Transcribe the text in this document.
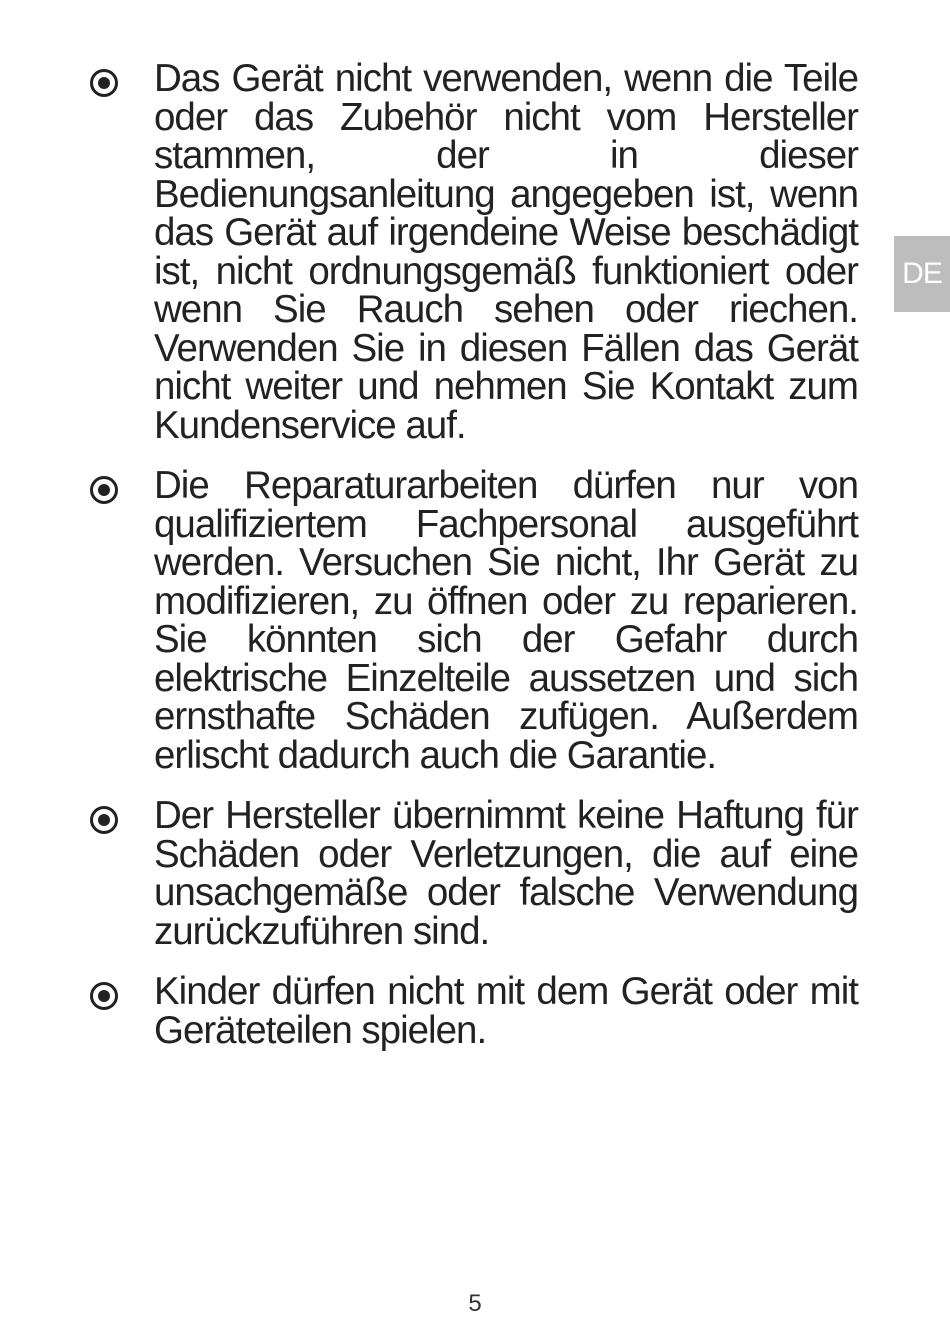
DE

Das Gerät nicht verwenden, wenn die Teile oder das Zubehör nicht vom Hersteller stammen, der in dieser Bedienungsanleitung angegeben ist, wenn das Gerät auf irgendeine Weise beschädigt ist, nicht ordnungsgemäß funktioniert oder wenn Sie Rauch sehen oder riechen. Verwenden Sie in diesen Fällen das Gerät nicht weiter und nehmen Sie Kontakt zum Kundenservice auf.

Die Reparaturarbeiten dürfen nur von qualifiziertem Fachpersonal ausgeführt werden. Versuchen Sie nicht, Ihr Gerät zu modifizieren, zu öffnen oder zu reparieren. Sie könnten sich der Gefahr durch elektrische Einzelteile aussetzen und sich ernsthafte Schäden zufügen. Außerdem erlischt dadurch auch die Garantie.

Der Hersteller übernimmt keine Haftung für Schäden oder Verletzungen, die auf eine unsachgemäße oder falsche Verwendung zurückzuführen sind.

Kinder dürfen nicht mit dem Gerät oder mit Geräteteilen spielen.

5
